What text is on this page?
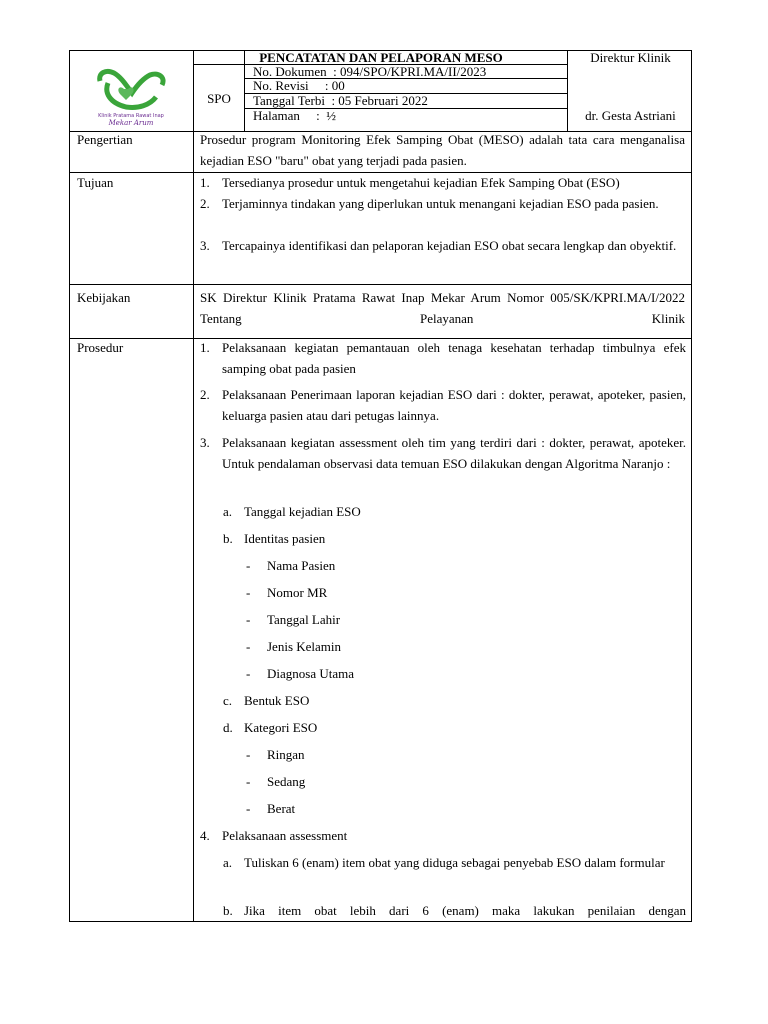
Klinik Pratama Rawat Inap
Mekar Arum
PENCATATAN DAN PELAPORAN MESO
SPO
No. Dokumen  : 094/SPO/KPRI.MA/II/2023
No. Revisi     : 00
Tanggal Terbi  : 05 Februari 2022
Halaman     :  ½
Direktur Klinik
dr. Gesta Astriani
Pengertian	Prosedur program Monitoring Efek Samping Obat (MESO) adalah tata cara menganalisa kejadian ESO "baru" obat yang terjadi pada pasien.
Tujuan	1. Tersedianya prosedur untuk mengetahui kejadian Efek Samping Obat (ESO)
2. Terjaminnya tindakan yang diperlukan untuk menangani kejadian ESO pada pasien.
3. Tercapainya identifikasi dan pelaporan kejadian ESO obat secara lengkap dan obyektif.
Kebijakan	SK Direktur Klinik Pratama Rawat Inap Mekar Arum Nomor 005/SK/KPRI.MA/I/2022 Tentang Pelayanan Klinik
Prosedur	1. Pelaksanaan kegiatan pemantauan oleh tenaga kesehatan terhadap timbulnya efek samping obat pada pasien
2. Pelaksanaan Penerimaan laporan kejadian ESO dari : dokter, perawat, apoteker, pasien, keluarga pasien atau dari petugas lainnya.
3. Pelaksanaan kegiatan assessment oleh tim yang terdiri dari : dokter, perawat, apoteker. Untuk pendalaman observasi data temuan ESO dilakukan dengan Algoritma Naranjo :
a. Tanggal kejadian ESO
b. Identitas pasien
- Nama Pasien
- Nomor MR
- Tanggal Lahir
- Jenis Kelamin
- Diagnosa Utama
c. Bentuk ESO
d. Kategori ESO
- Ringan
- Sedang
- Berat
4. Pelaksanaan assessment
a. Tuliskan 6 (enam) item obat yang diduga sebagai penyebab ESO dalam formular
b. Jika item obat lebih dari 6 (enam) maka lakukan penilaian dengan
